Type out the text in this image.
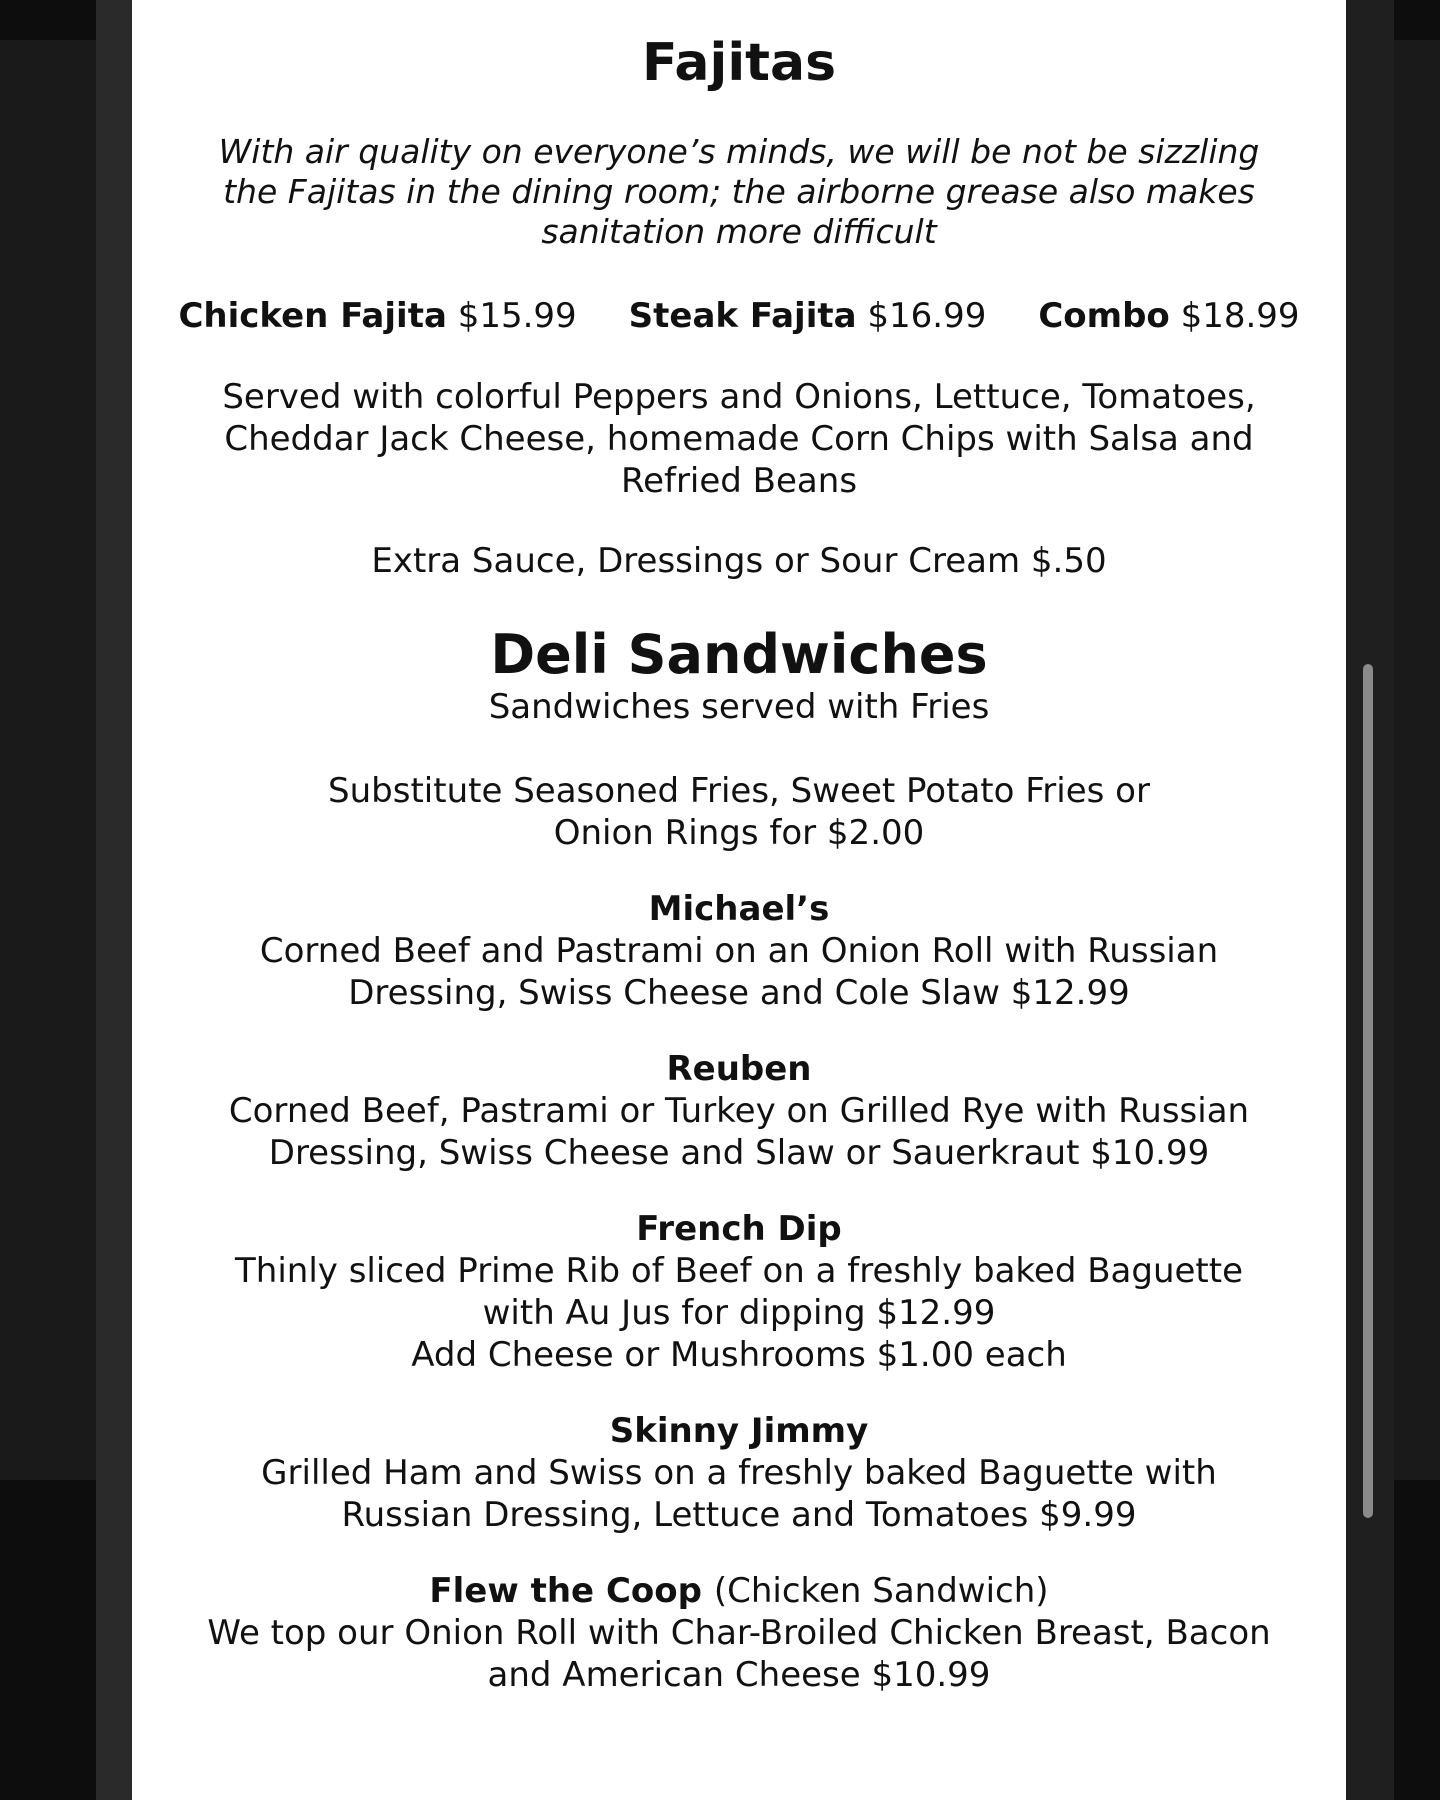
Fajitas
With air quality on everyone’s minds, we will be not be sizzling the Fajitas in the dining room; the airborne grease also makes sanitation more difficult
Chicken Fajita $15.99 Steak Fajita $16.99 Combo $18.99
Served with colorful Peppers and Onions, Lettuce, Tomatoes, Cheddar Jack Cheese, homemade Corn Chips with Salsa and Refried Beans
Extra Sauce, Dressings or Sour Cream $.50
Deli Sandwiches
Sandwiches served with Fries
Substitute Seasoned Fries, Sweet Potato Fries or Onion Rings for $2.00
Michael’s
Corned Beef and Pastrami on an Onion Roll with Russian Dressing, Swiss Cheese and Cole Slaw $12.99
Reuben
Corned Beef, Pastrami or Turkey on Grilled Rye with Russian Dressing, Swiss Cheese and Slaw or Sauerkraut $10.99
French Dip
Thinly sliced Prime Rib of Beef on a freshly baked Baguette with Au Jus for dipping $12.99
Add Cheese or Mushrooms $1.00 each
Skinny Jimmy
Grilled Ham and Swiss on a freshly baked Baguette with Russian Dressing, Lettuce and Tomatoes $9.99
Flew the Coop (Chicken Sandwich)
We top our Onion Roll with Char-Broiled Chicken Breast, Bacon and American Cheese $10.99
